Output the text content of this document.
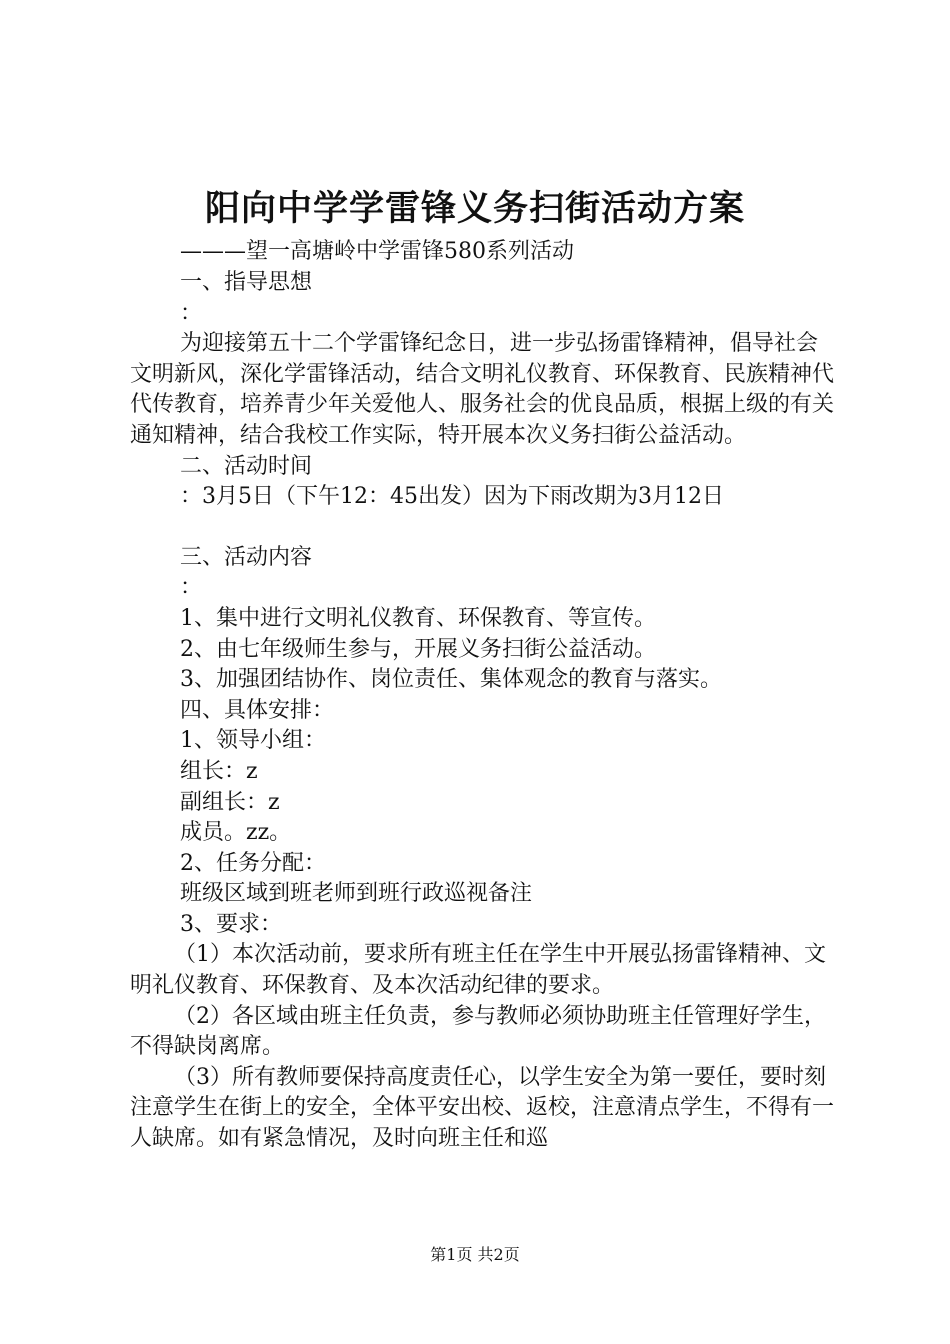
阳向中学学雷锋义务扫街活动方案
———望一高塘岭中学雷锋580系列活动

一、指导思想

：

为迎接第五十二个学雷锋纪念日，进一步弘扬雷锋精神，倡导社会文明新风，深化学雷锋活动，结合文明礼仪教育、环保教育、民族精神代代传教育，培养青少年关爱他人、服务社会的优良品质，根据上级的有关通知精神，结合我校工作实际，特开展本次义务扫街公益活动。

二、活动时间

：3月5日（下午12：45出发）因为下雨改期为3月12日

三、活动内容

：

1、集中进行文明礼仪教育、环保教育、等宣传。

2、由七年级师生参与，开展义务扫街公益活动。

3、加强团结协作、岗位责任、集体观念的教育与落实。

四、具体安排：

1、领导小组：

组长：z

副组长：z

成员。zz。

2、任务分配：

班级区域到班老师到班行政巡视备注

3、要求：

（1）本次活动前，要求所有班主任在学生中开展弘扬雷锋精神、文明礼仪教育、环保教育、及本次活动纪律的要求。

（2）各区域由班主任负责，参与教师必须协助班主任管理好学生，不得缺岗离席。

（3）所有教师要保持高度责任心，以学生安全为第一要任，要时刻注意学生在街上的安全，全体平安出校、返校，注意清点学生，不得有一人缺席。如有紧急情况，及时向班主任和巡

第1页 共2页
